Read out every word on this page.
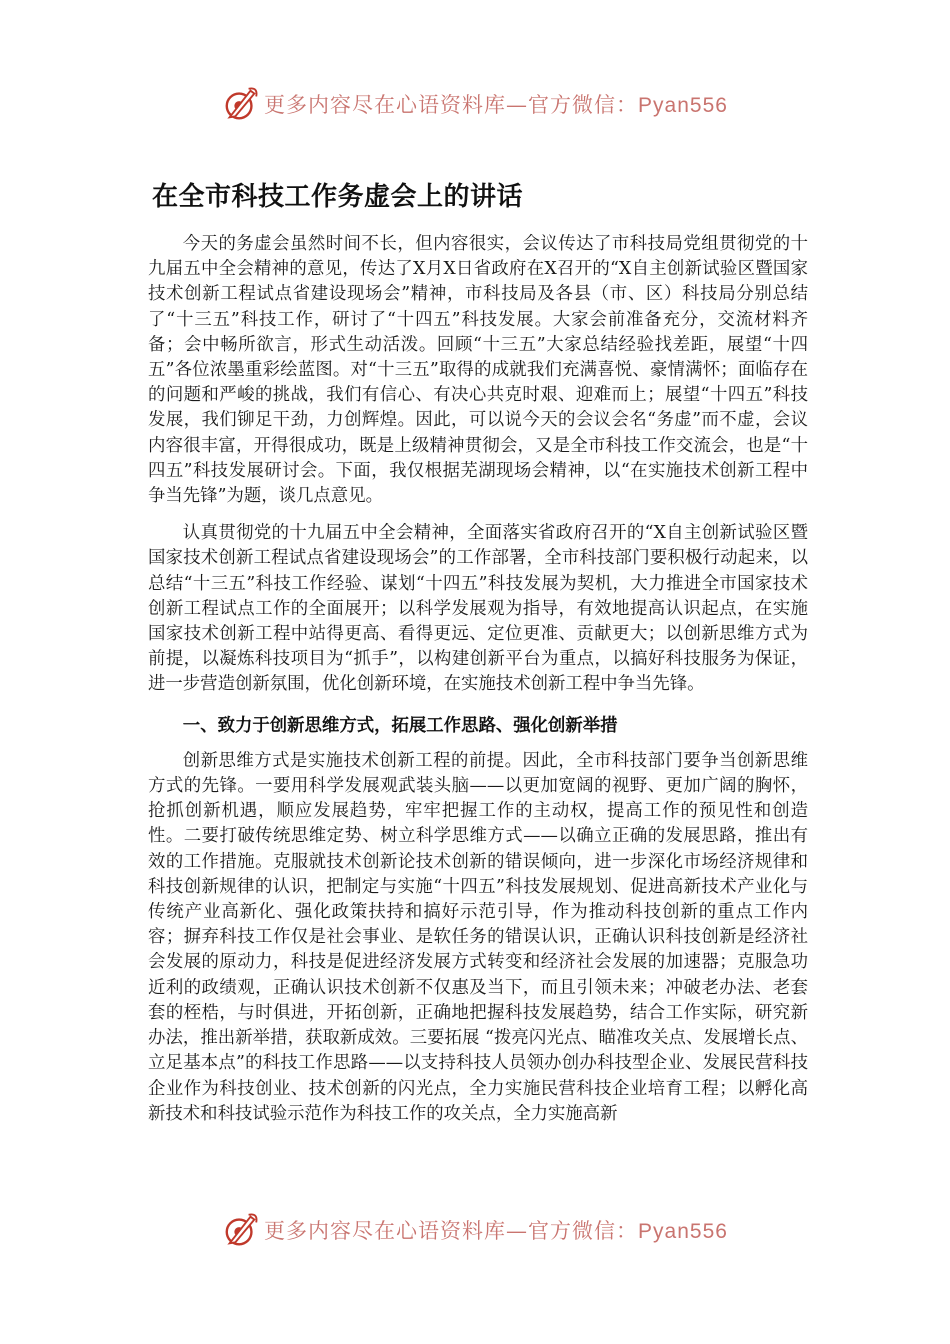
更多内容尽在心语资料库—官方微信：Pyan556
在全市科技工作务虚会上的讲话

今天的务虚会虽然时间不长，但内容很实，会议传达了市科技局党组贯彻党的十九届五中全会精神的意见，传达了X月X日省政府在X召开的“X自主创新试验区暨国家技术创新工程试点省建设现场会”精神，市科技局及各县（市、区）科技局分别总结了“十三五”科技工作，研讨了“十四五”科技发展。大家会前准备充分，交流材料齐备；会中畅所欲言，形式生动活泼。回顾“十三五”大家总结经验找差距，展望“十四五”各位浓墨重彩绘蓝图。对“十三五”取得的成就我们充满喜悦、豪情满怀；面临存在的问题和严峻的挑战，我们有信心、有决心共克时艰、迎难而上；展望“十四五”科技发展，我们铆足干劲，力创辉煌。因此，可以说今天的会议会名“务虚”而不虚，会议内容很丰富，开得很成功，既是上级精神贯彻会，又是全市科技工作交流会，也是“十四五”科技发展研讨会。下面，我仅根据芜湖现场会精神，以“在实施技术创新工程中争当先锋”为题，谈几点意见。

认真贯彻党的十九届五中全会精神，全面落实省政府召开的“X自主创新试验区暨国家技术创新工程试点省建设现场会”的工作部署，全市科技部门要积极行动起来，以总结“十三五”科技工作经验、谋划“十四五”科技发展为契机，大力推进全市国家技术创新工程试点工作的全面展开；以科学发展观为指导，有效地提高认识起点，在实施国家技术创新工程中站得更高、看得更远、定位更准、贡献更大；以创新思维方式为前提，以凝炼科技项目为“抓手”，以构建创新平台为重点，以搞好科技服务为保证，进一步营造创新氛围，优化创新环境，在实施技术创新工程中争当先锋。

一、致力于创新思维方式，拓展工作思路、强化创新举措

创新思维方式是实施技术创新工程的前提。因此，全市科技部门要争当创新思维方式的先锋。一要用科学发展观武装头脑——以更加宽阔的视野、更加广阔的胸怀，抢抓创新机遇，顺应发展趋势，牢牢把握工作的主动权，提高工作的预见性和创造性。二要打破传统思维定势、树立科学思维方式——以确立正确的发展思路，推出有效的工作措施。克服就技术创新论技术创新的错误倾向，进一步深化市场经济规律和科技创新规律的认识，把制定与实施“十四五”科技发展规划、促进高新技术产业化与传统产业高新化、强化政策扶持和搞好示范引导，作为推动科技创新的重点工作内容；摒弃科技工作仅是社会事业、是软任务的错误认识，正确认识科技创新是经济社会发展的原动力，科技是促进经济发展方式转变和经济社会发展的加速器；克服急功近利的政绩观，正确认识技术创新不仅惠及当下，而且引领未来；冲破老办法、老套套的桎梏，与时俱进，开拓创新，正确地把握科技发展趋势，结合工作实际，研究新办法，推出新举措，获取新成效。三要拓展 “拨亮闪光点、瞄准攻关点、发展增长点、立足基本点”的科技工作思路——以支持科技人员领办创办科技型企业、发展民营科技企业作为科技创业、技术创新的闪光点，全力实施民营科技企业培育工程；以孵化高新技术和科技试验示范作为科技工作的攻关点，全力实施高新

更多内容尽在心语资料库—官方微信：Pyan556
